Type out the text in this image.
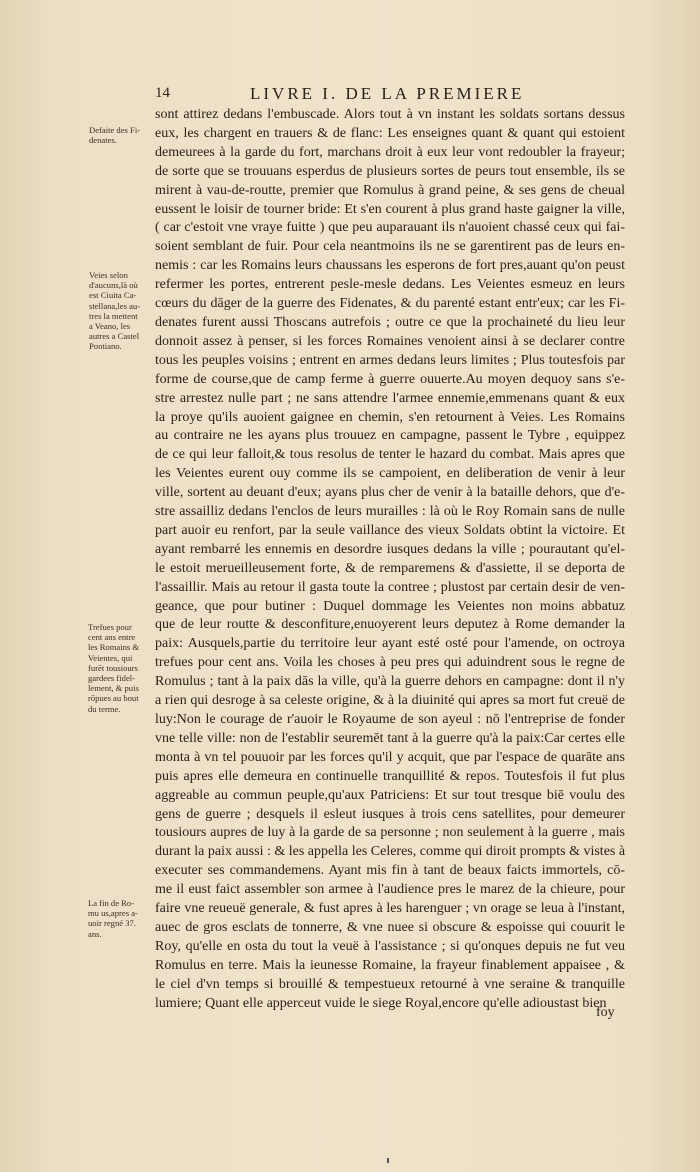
14	LIVRE I. DE LA PREMIERE
Defaite des Fi-
denates.
Veies selon
d'aucuns,là où
est Ciuita Ca-
stellana,les au-
tres la mettent
a Veano, les
autres a Castel
Pontiano.
Trefues pour
cent ans entre
les Romains &
Veientes, qui
furēt tousiours
gardees fidel-
lement, & puis
rōpues au bout
du terme.
La fin de Ro-
mu us,apres a-
uoir regné 37.
ans.
sont attirez dedans l'embuscade. Alors tout à vn instant les soldats sortans dessus
eux, les chargent en trauers & de flanc: Les enseignes quant & quant qui estoient
demeurees à la garde du fort, marchans droit à eux leur vont redoubler la frayeur;
de sorte que se trouuans esperdus de plusieurs sortes de peurs tout ensemble, ils se
mirent à vau-de-routte, premier que Romulus à grand peine, & ses gens de cheual
eussent le loisir de tourner bride: Et s'en courent à plus grand haste gaigner la ville,
( car c'estoit vne vraye fuitte ) que peu auparauant ils n'auoient chassé ceux qui fai-
soient semblant de fuir. Pour cela neantmoins ils ne se garentirent pas de leurs en-
nemis : car les Romains leurs chaussans les esperons de fort pres,auant qu'on peust
refermer les portes, entrerent pesle-mesle dedans. Les Veientes esmeuz en leurs
cœurs du dāger de la guerre des Fidenates, & du parenté estant entr'eux; car les Fi-
denates furent aussi Thoscans autrefois ; outre ce que la prochaineté du lieu leur
donnoit assez à penser, si les forces Romaines venoient ainsi à se declarer contre
tous les peuples voisins ; entrent en armes dedans leurs limites ; Plus toutesfois par
forme de course,que de camp ferme à guerre ouuerte.Au moyen dequoy sans s'e-
stre arrestez nulle part ; ne sans attendre l'armee ennemie,emmenans quant & eux
la proye qu'ils auoient gaignee en chemin, s'en retournent à Veies. Les Romains
au contraire ne les ayans plus trouuez en campagne, passent le Tybre , equippez
de ce qui leur falloit,& tous resolus de tenter le hazard du combat. Mais apres que
les Veientes eurent ouy comme ils se campoient, en deliberation de venir à leur
ville, sortent au deuant d'eux; ayans plus cher de venir à la bataille dehors, que d'e-
stre assailliz dedans l'enclos de leurs murailles : là où le Roy Romain sans de nulle
part auoir eu renfort, par la seule vaillance des vieux Soldats obtint la victoire. Et
ayant rembarré les ennemis en desordre iusques dedans la ville ; pourautant qu'el-
le estoit merueilleusement forte, & de remparemens & d'assiette, il se deporta de
l'assaillir. Mais au retour il gasta toute la contree ; plustost par certain desir de ven-
geance, que pour butiner : Duquel dommage les Veientes non moins abbatuz
que de leur routte & desconfiture,enuoyerent leurs deputez à Rome demander la
paix: Ausquels,partie du territoire leur ayant esté osté pour l'amende, on octroya
trefues pour cent ans. Voila les choses à peu pres qui aduindrent sous le regne de
Romulus ; tant à la paix dās la ville, qu'à la guerre dehors en campagne: dont il n'y
a rien qui desroge à sa celeste origine, & à la diuinité qui apres sa mort fut creuë de
luy:Non le courage de r'auoir le Royaume de son ayeul : nō l'entreprise de fonder
vne telle ville: non de l'establir seuremēt tant à la guerre qu'à la paix:Car certes elle
monta à vn tel pouuoir par les forces qu'il y acquit, que par l'espace de quarāte ans
puis apres elle demeura en continuelle tranquillité & repos. Toutesfois il fut plus
aggreable au commun peuple,qu'aux Patriciens: Et sur tout tresque biē voulu des
gens de guerre ; desquels il esleut iusques à trois cens satellites, pour demeurer
tousiours aupres de luy à la garde de sa personne ; non seulement à la guerre , mais
durant la paix aussi : & les appella les Celeres, comme qui diroit prompts & vistes à
executer ses commandemens. Ayant mis fin à tant de beaux faicts immortels, cō-
me il eust faict assembler son armee à l'audience pres le marez de la chieure, pour
faire vne reueuë generale, & fust apres à les harenguer ; vn orage se leua à l'instant,
auec de gros esclats de tonnerre, & vne nuee si obscure & espoisse qui couurit le
Roy, qu'elle en osta du tout la veuë à l'assistance ; si qu'onques depuis ne fut veu
Romulus en terre. Mais la ieunesse Romaine, la frayeur finablement appaisee , &
le ciel d'vn temps si brouillé & tempestueux retourné à vne seraine & tranquille
lumiere; Quant elle apperceut vuide le siege Royal,encore qu'elle adioustast bien
foy
